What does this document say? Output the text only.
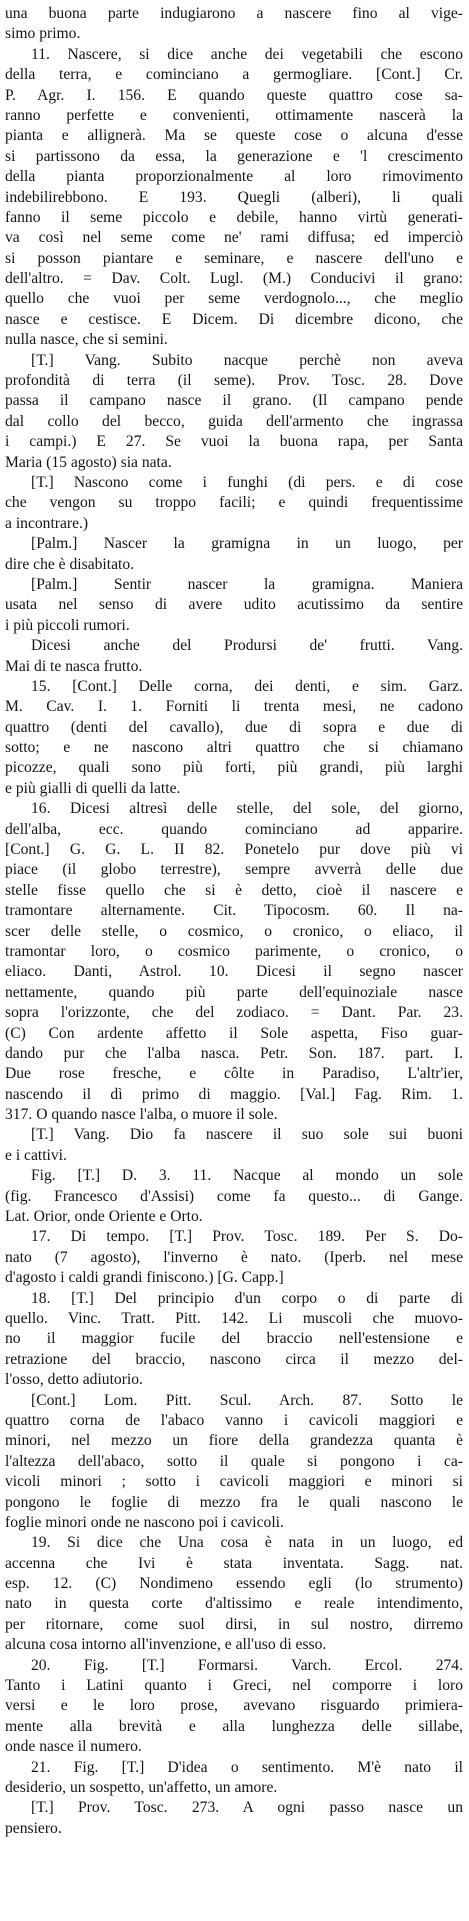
una buona parte indugiarono a nascere fino al vige-
simo primo.
11. Nascere, si dice anche dei vegetabili che escono
della terra, e cominciano a germogliare. [Cont.] Cr.
P. Agr. I. 156. E quando queste quattro cose sa-
ranno perfette e convenienti, ottimamente nascerà la
pianta e allignerà. Ma se queste cose o alcuna d'esse
si partissono da essa, la generazione e 'l crescimento
della pianta proporzionalmente al loro rimovimento
indebilirebbono. E 193. Quegli (alberi), li quali
fanno il seme piccolo e debile, hanno virtù generati-
va così nel seme come ne' rami diffusa; ed imperciò
si posson piantare e seminare, e nascere dell'uno e
dell'altro. = Dav. Colt. Lugl. (M.) Conducivi il grano:
quello che vuoi per seme verdognolo..., che meglio
nasce e cestisce. E Dicem. Di dicembre dicono, che
nulla nasce, che si semini.
[T.] Vang. Subito nacque perchè non aveva
profondità di terra (il seme). Prov. Tosc. 28. Dove
passa il campano nasce il grano. (Il campano pende
dal collo del becco, guida dell'armento che ingrassa
i campi.) E 27. Se vuoi la buona rapa, per Santa
Maria (15 agosto) sia nata.
[T.] Nascono come i funghi (di pers. e di cose
che vengon su troppo facili; e quindi frequentissime
a incontrare.)
[Palm.] Nascer la gramigna in un luogo, per
dire che è disabitato.
[Palm.] Sentir nascer la gramigna. Maniera
usata nel senso di avere udito acutissimo da sentire
i più piccoli rumori.
Dicesi anche del Prodursi de' frutti. Vang.
Mai di te nasca frutto.
15. [Cont.] Delle corna, dei denti, e sim. Garz.
M. Cav. I. 1. Forniti li trenta mesi, ne cadono
quattro (denti del cavallo), due di sopra e due di
sotto; e ne nascono altri quattro che si chiamano
picozze, quali sono più forti, più grandi, più larghi
e più gialli di quelli da latte.
16. Dicesi altresì delle stelle, del sole, del giorno,
dell'alba, ecc. quando cominciano ad apparire.
[Cont.] G. G. L. II 82. Ponetelo pur dove più vi
piace (il globo terrestre), sempre avverrà delle due
stelle fisse quello che si è detto, cioè il nascere e
tramontare alternamente. Cit. Tipocosm. 60. Il na-
scer delle stelle, o cosmico, o cronico, o eliaco, il
tramontar loro, o cosmico parimente, o cronico, o
eliaco. Danti, Astrol. 10. Dicesi il segno nascer
nettamente, quando più parte dell'equinoziale nasce
sopra l'orizzonte, che del zodiaco. = Dant. Par. 23.
(C) Con ardente affetto il Sole aspetta, Fiso guar-
dando pur che l'alba nasca. Petr. Son. 187. part. I.
Due rose fresche, e côlte in Paradiso, L'altr'ier,
nascendo il dì primo di maggio. [Val.] Fag. Rim. 1.
317. O quando nasce l'alba, o muore il sole.
[T.] Vang. Dio fa nascere il suo sole sui buoni
e i cattivi.
Fig. [T.] D. 3. 11. Nacque al mondo un sole
(fig. Francesco d'Assisi) come fa questo... di Gange.
Lat. Orior, onde Oriente e Orto.
17. Di tempo. [T.] Prov. Tosc. 189. Per S. Do-
nato (7 agosto), l'inverno è nato. (Iperb. nel mese
d'agosto i caldi grandi finiscono.) [G. Capp.]
18. [T.] Del principio d'un corpo o di parte di
quello. Vinc. Tratt. Pitt. 142. Li muscoli che muovo-
no il maggior fucile del braccio nell'estensione e
retrazione del braccio, nascono circa il mezzo del-
l'osso, detto adiutorio.
[Cont.] Lom. Pitt. Scul. Arch. 87. Sotto le
quattro corna de l'abaco vanno i cavicoli maggiori e
minori, nel mezzo un fiore della grandezza quanta è
l'altezza dell'abaco, sotto il quale si pongono i ca-
vicoli minori ; sotto i cavicoli maggiori e minori si
pongono le foglie di mezzo fra le quali nascono le
foglie minori onde ne nascono poi i cavicoli.
19. Si dice che Una cosa è nata in un luogo, ed
accenna che Ivi è stata inventata. Sagg. nat.
esp. 12. (C) Nondimeno essendo egli (lo strumento)
nato in questa corte d'altissimo e reale intendimento,
per ritornare, come suol dirsi, in sul nostro, dirremo
alcuna cosa intorno all'invenzione, e all'uso di esso.
20. Fig. [T.] Formarsi. Varch. Ercol. 274.
Tanto i Latini quanto i Greci, nel comporre i loro
versi e le loro prose, avevano risguardo primiera-
mente alla brevità e alla lunghezza delle sillabe,
onde nasce il numero.
21. Fig. [T.] D'idea o sentimento. M'è nato il
desiderio, un sospetto, un'affetto, un amore.
[T.] Prov. Tosc. 273. A ogni passo nasce un
pensiero.
